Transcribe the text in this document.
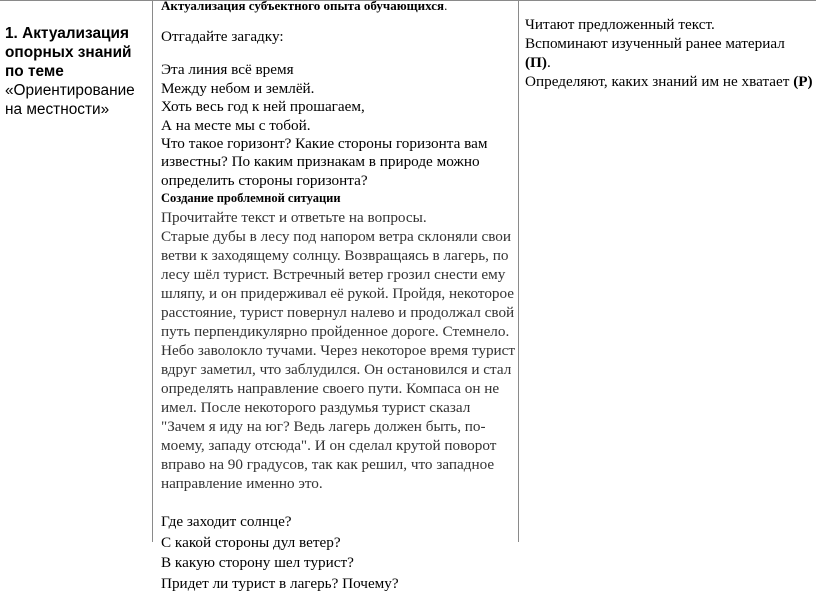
1. Актуализация опорных знаний по теме

«Ориентирование на местности»

Актуализация субъектного опыта обучающихся.

Отгадайте загадку:

Эта линия всё время

Между небом и землёй.

Хоть весь год к ней прошагаем,

А на месте мы с тобой.

Что такое горизонт? Какие стороны горизонта вам

известны? По каким признакам в природе можно

определить стороны горизонта?

Создание проблемной ситуации

Прочитайте текст и ответьте на вопросы.

Старые дубы в лесу под напором ветра склоняли свои

ветви к заходящему солнцу. Возвращаясь в лагерь, по

лесу шёл турист. Встречный ветер грозил снести ему

шляпу, и он придерживал её рукой. Пройдя, некоторое

расстояние, турист повернул налево и продолжал свой

путь перпендикулярно пройденное дороге. Стемнело.

Небо заволокло тучами. Через некоторое время турист

вдруг заметил, что заблудился. Он остановился и стал

определять направление своего пути. Компаса он не

имел. После некоторого раздумья турист сказал

"Зачем я иду на юг? Ведь лагерь должен быть, по-

моему, западу отсюда". И он сделал крутой поворот

вправо на 90 градусов, так как решил, что западное

направление именно это.

Где заходит солнце?

С какой стороны дул ветер?

В какую сторону шел турист?

Придет ли турист в лагерь? Почему?

Читают предложенный текст.

Вспоминают изученный ранее материал

(П).

Определяют, каких знаний им не хватает (Р)
